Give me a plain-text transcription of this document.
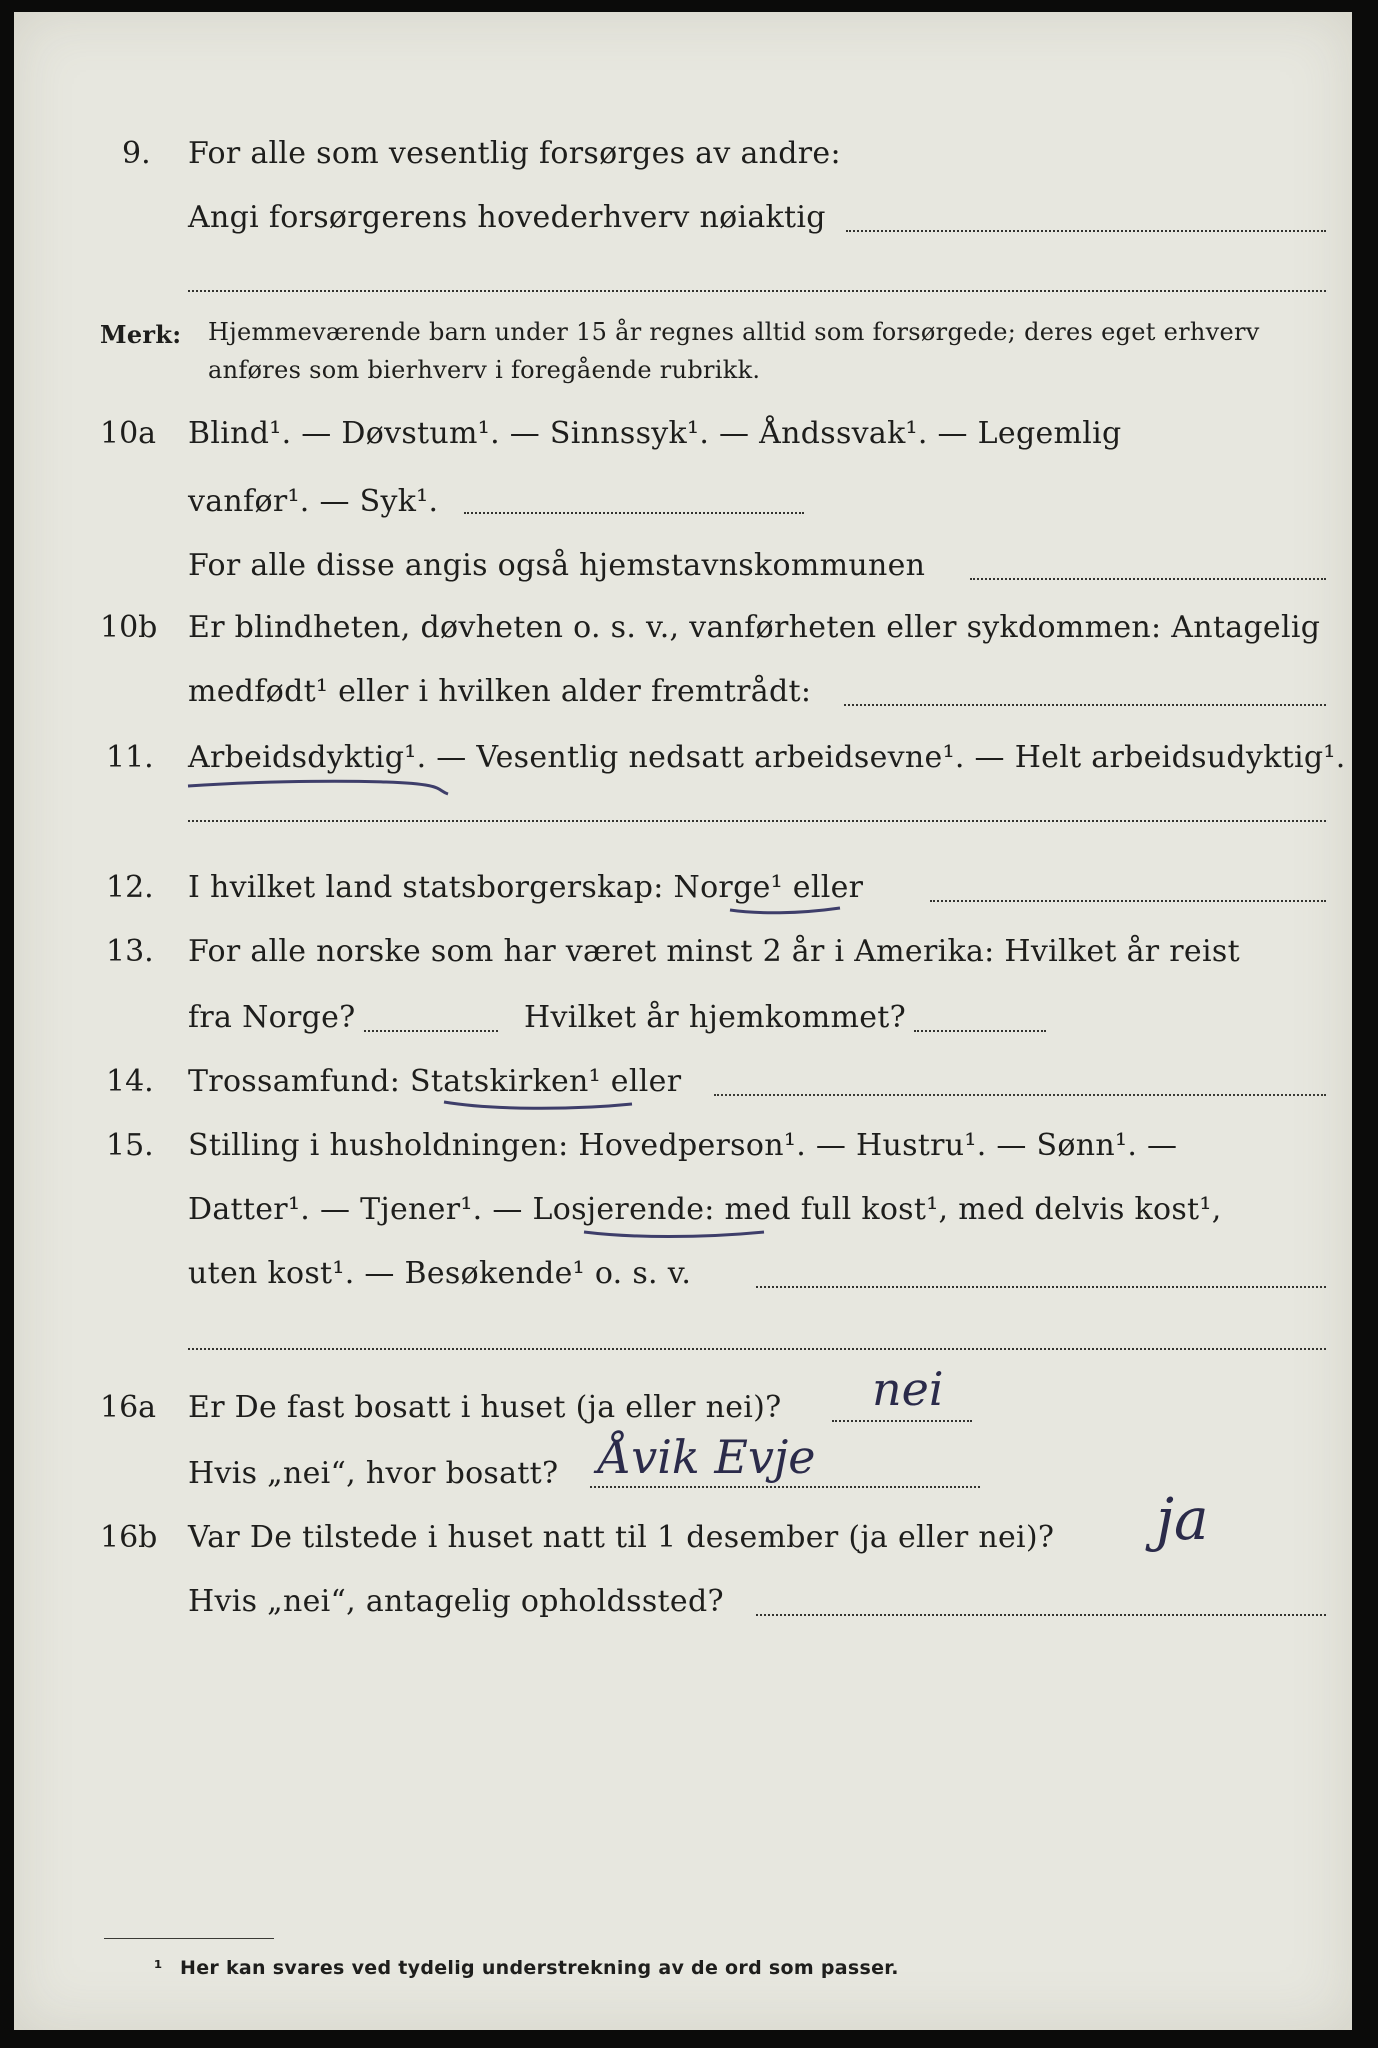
9. For alle som vesentlig forsørges av andre:
Angi forsørgerens hovederhverv nøiaktig
Merk: Hjemmeværende barn under 15 år regnes alltid som forsørgede; deres eget erhverv
anføres som bierhverv i foregående rubrikk.
10a Blind¹. — Døvstum¹. — Sinnssyk¹. — Åndssvak¹. — Legemlig
vanfør¹. — Syk¹.
For alle disse angis også hjemstavnskommunen
10b Er blindheten, døvheten o. s. v., vanførheten eller sykdommen: Antagelig
medfødt¹ eller i hvilken alder fremtrådt:
11. Arbeidsdyktig¹. — Vesentlig nedsatt arbeidsevne¹. — Helt arbeidsudyktig¹.
12. I hvilket land statsborgerskap: Norge¹ eller
13. For alle norske som har været minst 2 år i Amerika: Hvilket år reist
fra Norge?	Hvilket år hjemkommet?
14. Trossamfund: Statskirken¹ eller
15. Stilling i husholdningen: Hovedperson¹. — Hustru¹. — Sønn¹. —
Datter¹. — Tjener¹. — Losjerende: med full kost¹, med delvis kost¹,
uten kost¹. — Besøkende¹ o. s. v.
16a Er De fast bosatt i huset (ja eller nei)? nei
Hvis „nei“, hvor bosatt? Åvik Evje
16b Var De tilstede i huset natt til 1 desember (ja eller nei)? ja
Hvis „nei“, antagelig opholdssted?
¹ Her kan svares ved tydelig understrekning av de ord som passer.
